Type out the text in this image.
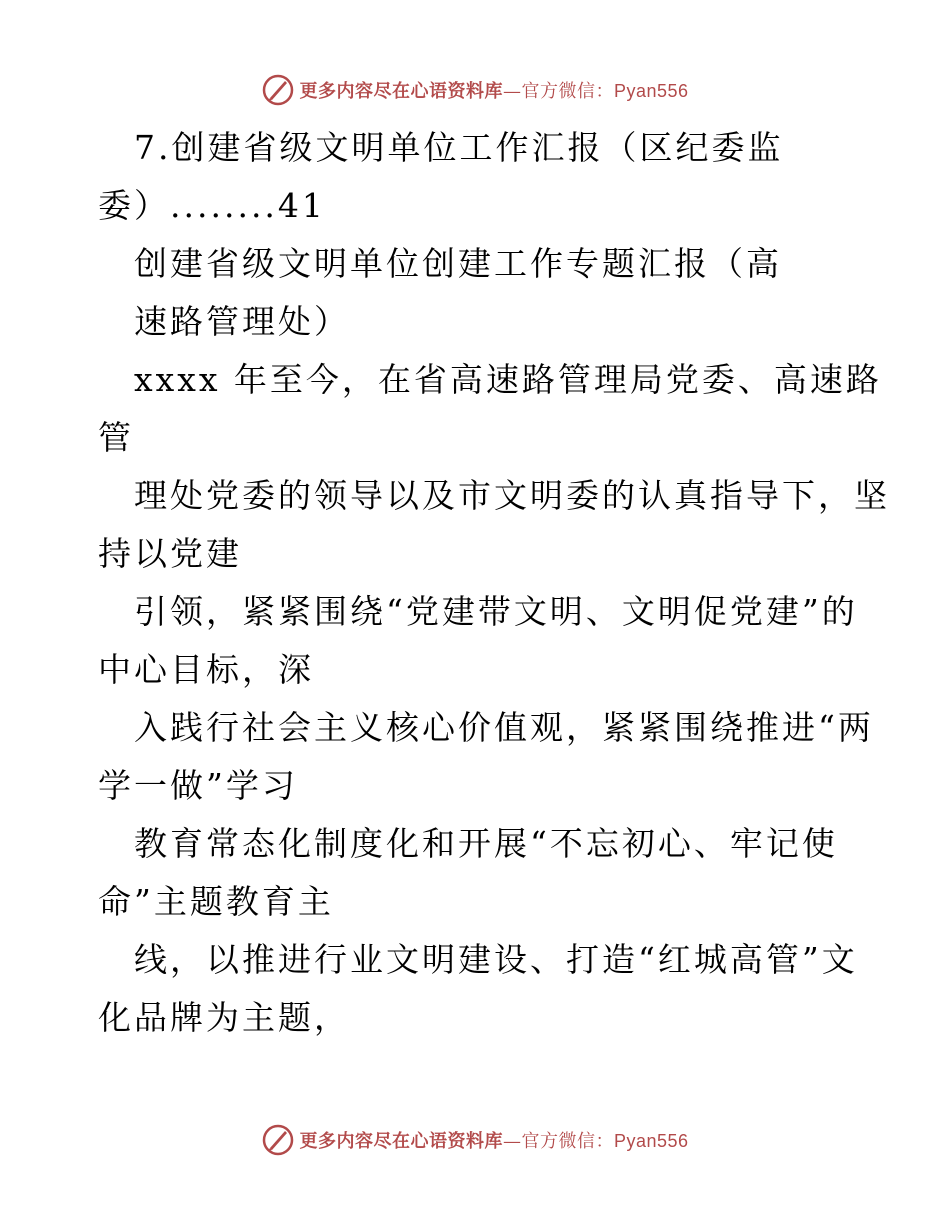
更多内容尽在心语资料库—官方微信：Pyan556
7.创建省级文明单位工作汇报（区纪委监
委）........41
创建省级文明单位创建工作专题汇报（高
速路管理处）
xxxx 年至今，在省高速路管理局党委、高速路
管
理处党委的领导以及市文明委的认真指导下，坚
持以党建
引领，紧紧围绕“党建带文明、文明促党建”的
中心目标，深
入践行社会主义核心价值观，紧紧围绕推进“两
学一做”学习
教育常态化制度化和开展“不忘初心、牢记使
命”主题教育主
线，以推进行业文明建设、打造“红城高管”文
化品牌为主题，
更多内容尽在心语资料库—官方微信：Pyan556
